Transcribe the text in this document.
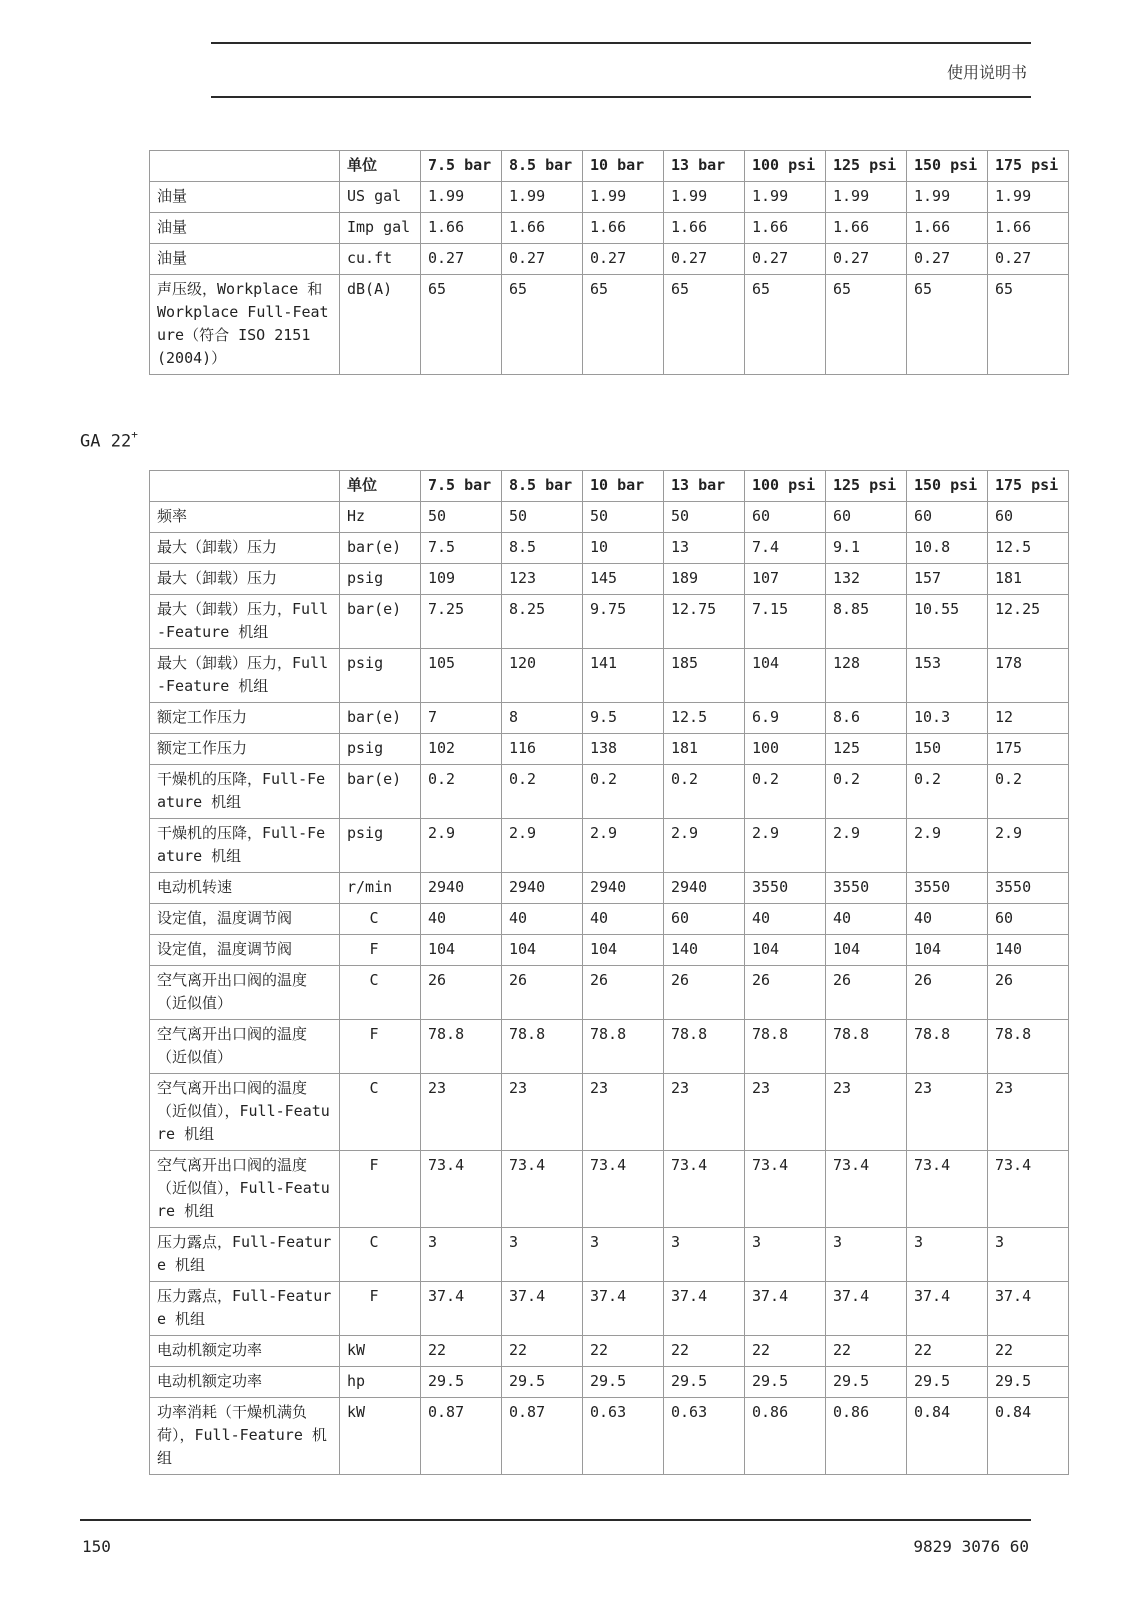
使用说明书
	单位	7.5 bar	8.5 bar	10 bar	13 bar	100 psi	125 psi	150 psi	175 psi
油量	US gal	1.99	1.99	1.99	1.99	1.99	1.99	1.99	1.99
油量	Imp gal	1.66	1.66	1.66	1.66	1.66	1.66	1.66	1.66
油量	cu.ft	0.27	0.27	0.27	0.27	0.27	0.27	0.27	0.27
声压级，Workplace 和 Workplace Full-Feature（符合 ISO 2151 (2004)）	dB(A)	65	65	65	65	65	65	65	65
GA 22+
	单位	7.5 bar	8.5 bar	10 bar	13 bar	100 psi	125 psi	150 psi	175 psi
频率	Hz	50	50	50	50	60	60	60	60
最大（卸载）压力	bar(e)	7.5	8.5	10	13	7.4	9.1	10.8	12.5
最大（卸载）压力	psig	109	123	145	189	107	132	157	181
最大（卸载）压力，Full-Feature 机组	bar(e)	7.25	8.25	9.75	12.75	7.15	8.85	10.55	12.25
最大（卸载）压力，Full-Feature 机组	psig	105	120	141	185	104	128	153	178
额定工作压力	bar(e)	7	8	9.5	12.5	6.9	8.6	10.3	12
额定工作压力	psig	102	116	138	181	100	125	150	175
干燥机的压降，Full-Feature 机组	bar(e)	0.2	0.2	0.2	0.2	0.2	0.2	0.2	0.2
干燥机的压降，Full-Feature 机组	psig	2.9	2.9	2.9	2.9	2.9	2.9	2.9	2.9
电动机转速	r/min	2940	2940	2940	2940	3550	3550	3550	3550
设定值，温度调节阀	C	40	40	40	60	40	40	40	60
设定值，温度调节阀	F	104	104	104	140	104	104	104	140
空气离开出口阀的温度（近似值）	C	26	26	26	26	26	26	26	26
空气离开出口阀的温度（近似值）	F	78.8	78.8	78.8	78.8	78.8	78.8	78.8	78.8
空气离开出口阀的温度（近似值），Full-Feature 机组	C	23	23	23	23	23	23	23	23
空气离开出口阀的温度（近似值），Full-Feature 机组	F	73.4	73.4	73.4	73.4	73.4	73.4	73.4	73.4
压力露点，Full-Feature 机组	C	3	3	3	3	3	3	3	3
压力露点，Full-Feature 机组	F	37.4	37.4	37.4	37.4	37.4	37.4	37.4	37.4
电动机额定功率	kW	22	22	22	22	22	22	22	22
电动机额定功率	hp	29.5	29.5	29.5	29.5	29.5	29.5	29.5	29.5
功率消耗（干燥机满负荷），Full-Feature 机组	kW	0.87	0.87	0.63	0.63	0.86	0.86	0.84	0.84
150	9829 3076 60
